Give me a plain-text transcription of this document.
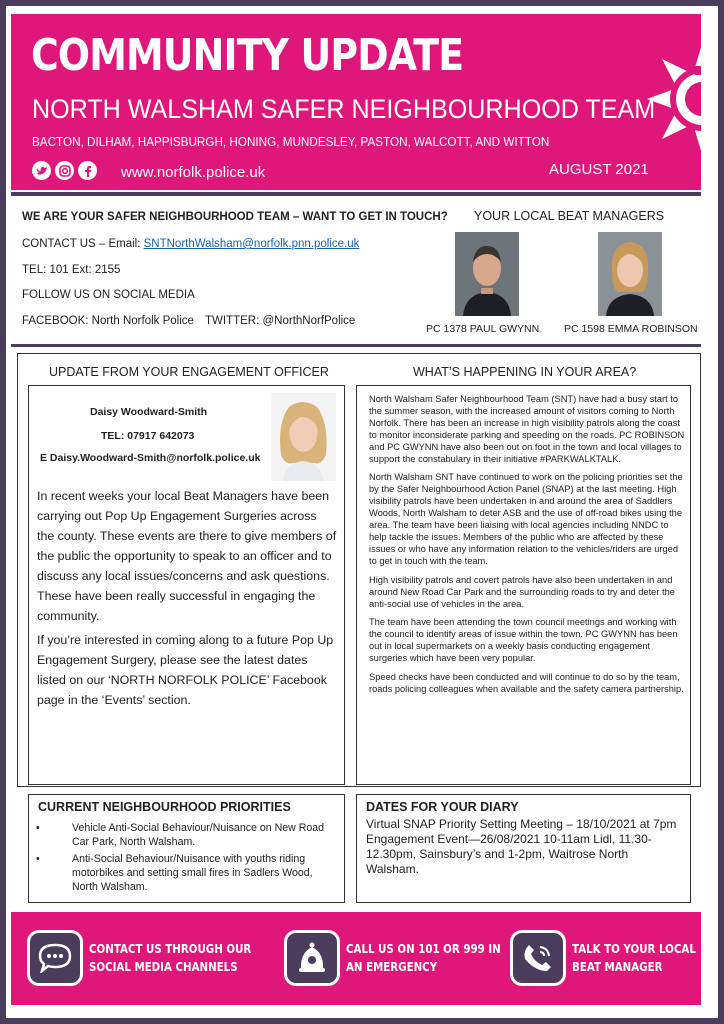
COMMUNITY UPDATE
NORTH WALSHAM SAFER NEIGHBOURHOOD TEAM
BACTON, DILHAM, HAPPISBURGH, HONING, MUNDESLEY, PASTON, WALCOTT, AND WITTON
www.norfolk.police.uk	AUGUST 2021
WE ARE YOUR SAFER NEIGHBOURHOOD TEAM – WANT TO GET IN TOUCH?
CONTACT US – Email: SNTNorthWalsham@norfolk.pnn.police.uk
TEL: 101 Ext: 2155
FOLLOW US ON SOCIAL MEDIA
FACEBOOK: North Norfolk Police TWITTER: @NorthNorfPolice
YOUR LOCAL BEAT MANAGERS
PC 1378 PAUL GWYNN PC 1598 EMMA ROBINSON
UPDATE FROM YOUR ENGAGEMENT OFFICER	WHAT’S HAPPENING IN YOUR AREA?
Daisy Woodward-Smith
TEL: 07917 642073
E Daisy.Woodward-Smith@norfolk.police.uk
In recent weeks your local Beat Managers have been carrying out Pop Up Engagement Surgeries across the county. These events are there to give members of the public the opportunity to speak to an officer and to discuss any local issues/concerns and ask questions. These have been really successful in engaging the community.
If you’re interested in coming along to a future Pop Up Engagement Surgery, please see the latest dates listed on our ‘NORTH NORFOLK POLICE’ Facebook page in the ‘Events’ section.

North Walsham Safer Neighbourhood Team (SNT) have had a busy start to the summer season, with the increased amount of visitors coming to North Norfolk. There has been an increase in high visibility patrols along the coast to monitor inconsiderate parking and speeding on the roads. PC ROBINSON and PC GWYNN have also been out on foot in the town and local villages to support the constabulary in their initiative #PARKWALKTALK.

North Walsham SNT have continued to work on the policing priorities set the by the Safer Neighbourhood Action Panel (SNAP) at the last meeting. High visibility patrols have been undertaken in and around the area of Saddlers Woods, North Walsham to deter ASB and the use of off-road bikes using the area. The team have been liaising with local agencies including NNDC to help tackle the issues. Members of the public who are affected by these issues or who have any information relation to the vehicles/riders are urged to get in touch with the team.

High visibility patrols and covert patrols have also been undertaken in and around New Road Car Park and the surrounding roads to try and deter the anti-social use of vehicles in the area.

The team have been attending the town council meetings and working with the council to identify areas of issue within the town. PC GWYNN has been out in local supermarkets on a weekly basis conducting engagement surgeries which have been very popular.

Speed checks have been conducted and will continue to do so by the team, roads policing colleagues when available and the safety camera partnership.

CURRENT NEIGHBOURHOOD PRIORITIES
• Vehicle Anti-Social Behaviour/Nuisance on New Road Car Park, North Walsham.
• Anti-Social Behaviour/Nuisance with youths riding motorbikes and setting small fires in Sadlers Wood, North Walsham.
DATES FOR YOUR DIARY
Virtual SNAP Priority Setting Meeting – 18/10/2021 at 7pm Engagement Event—26/08/2021 10-11am Lidl, 11.30-12.30pm, Sainsbury’s and 1-2pm, Waitrose North Walsham.
CONTACT US THROUGH OUR
SOCIAL MEDIA CHANNELS
CALL US ON 101 OR 999 IN
AN EMERGENCY
TALK TO YOUR LOCAL
BEAT MANAGER
